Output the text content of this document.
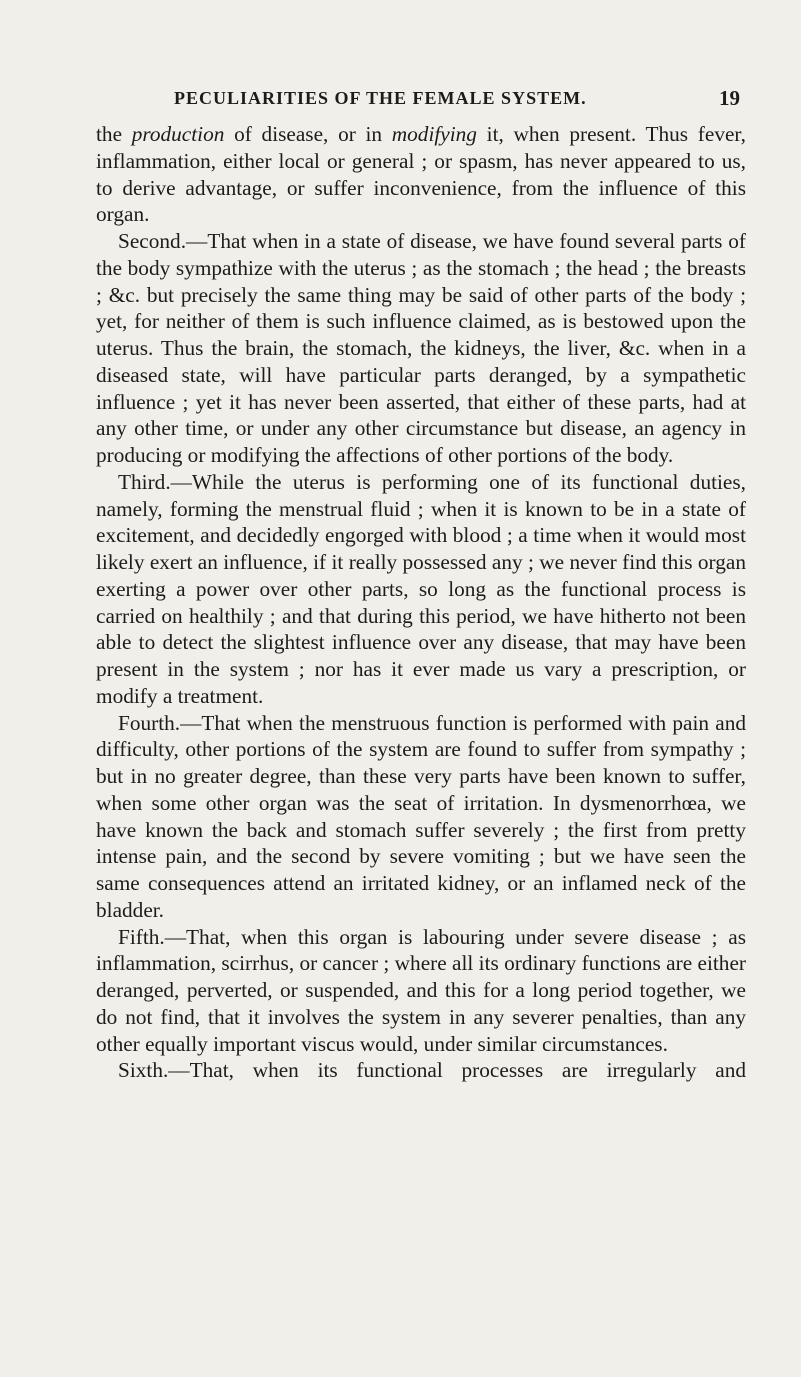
PECULIARITIES OF THE FEMALE SYSTEM.	19

the production of disease, or in modifying it, when present. Thus fever, inflammation, either local or general ; or spasm, has never appeared to us, to derive advantage, or suffer inconvenience, from the influence of this organ.

Second.—That when in a state of disease, we have found several parts of the body sympathize with the uterus ; as the stomach ; the head ; the breasts ; &c. but precisely the same thing may be said of other parts of the body ; yet, for neither of them is such influence claimed, as is bestowed upon the uterus. Thus the brain, the stomach, the kidneys, the liver, &c. when in a diseased state, will have particular parts deranged, by a sympathetic influence ; yet it has never been asserted, that either of these parts, had at any other time, or under any other circumstance but disease, an agency in producing or modifying the affections of other portions of the body.

Third.—While the uterus is performing one of its functional duties, namely, forming the menstrual fluid ; when it is known to be in a state of excitement, and decidedly engorged with blood ; a time when it would most likely exert an influence, if it really possessed any ; we never find this organ exerting a power over other parts, so long as the functional process is carried on healthily ; and that during this period, we have hitherto not been able to detect the slightest influence over any disease, that may have been present in the system ; nor has it ever made us vary a prescription, or modify a treatment.

Fourth.—That when the menstruous function is performed with pain and difficulty, other portions of the system are found to suffer from sympathy ; but in no greater degree, than these very parts have been known to suffer, when some other organ was the seat of irritation. In dysmenorrhœa, we have known the back and stomach suffer severely ; the first from pretty intense pain, and the second by severe vomiting ; but we have seen the same consequences attend an irritated kidney, or an inflamed neck of the bladder.

Fifth.—That, when this organ is labouring under severe disease ; as inflammation, scirrhus, or cancer ; where all its ordinary functions are either deranged, perverted, or suspended, and this for a long period together, we do not find, that it involves the system in any severer penalties, than any other equally important viscus would, under similar circumstances.

Sixth.—That, when its functional processes are irregularly and
